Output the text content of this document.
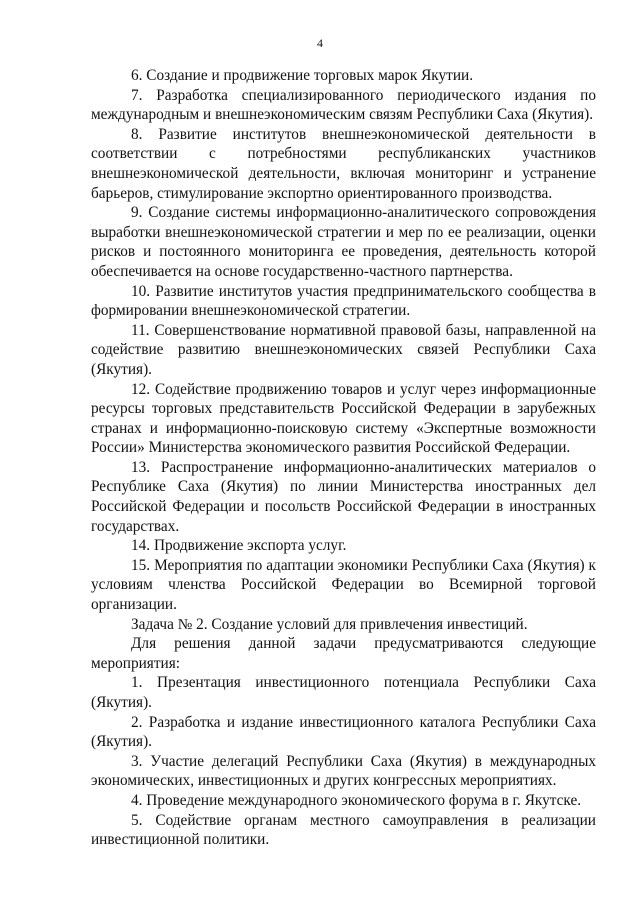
4

6. Создание и продвижение торговых марок Якутии.

7. Разработка специализированного периодического издания по международным и внешнеэкономическим связям Республики Саха (Якутия).

8. Развитие институтов внешнеэкономической деятельности в соответствии с потребностями республиканских участников внешнеэкономической деятельности, включая мониторинг и устранение барьеров, стимулирование экспортно ориентированного производства.

9. Создание системы информационно-аналитического сопровождения выработки внешнеэкономической стратегии и мер по ее реализации, оценки рисков и постоянного мониторинга ее проведения, деятельность которой обеспечивается на основе государственно-частного партнерства.

10. Развитие институтов участия предпринимательского сообщества в формировании внешнеэкономической стратегии.

11. Совершенствование нормативной правовой базы, направленной на содействие развитию внешнеэкономических связей Республики Саха (Якутия).

12. Содействие продвижению товаров и услуг через информационные ресурсы торговых представительств Российской Федерации в зарубежных странах и информационно-поисковую систему «Экспертные возможности России» Министерства экономического развития Российской Федерации.

13. Распространение информационно-аналитических материалов о Республике Саха (Якутия) по линии Министерства иностранных дел Российской Федерации и посольств Российской Федерации в иностранных государствах.

14. Продвижение экспорта услуг.

15. Мероприятия по адаптации экономики Республики Саха (Якутия) к условиям членства Российской Федерации во Всемирной торговой организации.

Задача № 2. Создание условий для привлечения инвестиций.

Для решения данной задачи предусматриваются следующие мероприятия:

1. Презентация инвестиционного потенциала Республики Саха (Якутия).

2. Разработка и издание инвестиционного каталога Республики Саха (Якутия).

3. Участие делегаций Республики Саха (Якутия) в международных экономических, инвестиционных и других конгрессных мероприятиях.

4. Проведение международного экономического форума в г. Якутске.

5. Содействие органам местного самоуправления в реализации инвестиционной политики.
